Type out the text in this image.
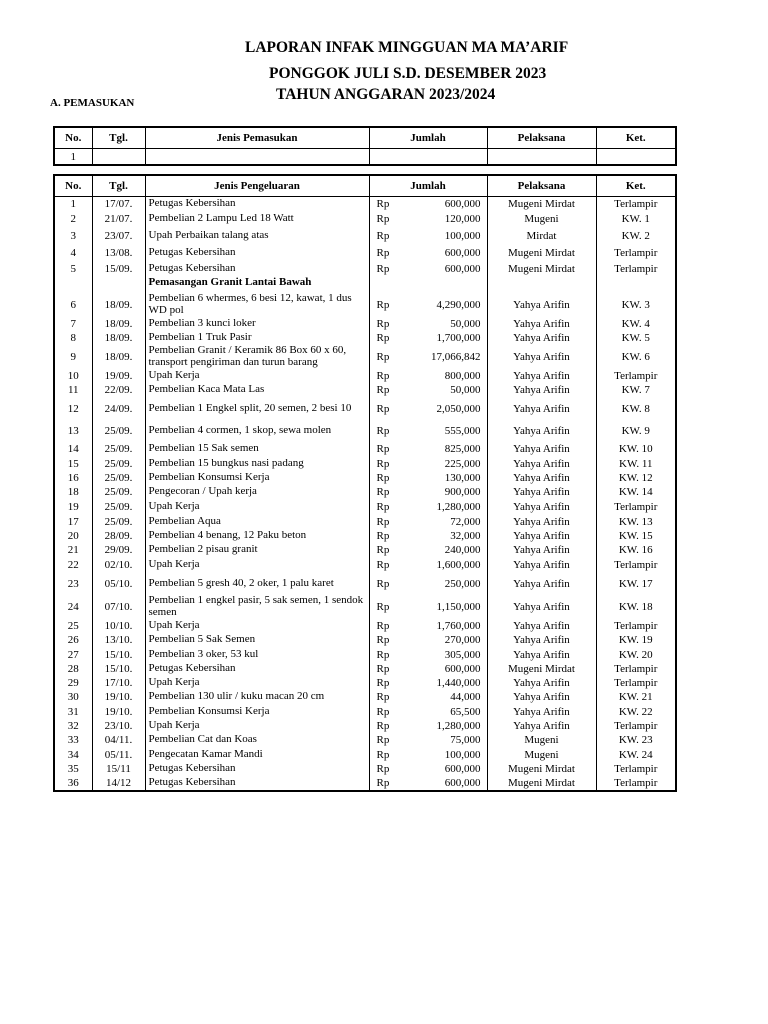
LAPORAN INFAK MINGGUAN MA MA’ARIF
PONGGOK JULI S.D. DESEMBER 2023
TAHUN ANGGARAN 2023/2024
A. PEMASUKAN
No.	Tgl.	Jenis Pemasukan	Jumlah	Pelaksana	Ket.
1					
No.	Tgl.	Jenis Pengeluaran	Jumlah	Pelaksana	Ket.
1	17/07.	Petugas Kebersihan	Rp 600,000	Mugeni Mirdat	Terlampir
2	21/07.	Pembelian 2 Lampu Led 18 Watt	Rp 120,000	Mugeni	KW. 1
3	23/07.	Upah Perbaikan talang atas	Rp 100,000	Mirdat	KW. 2
4	13/08.	Petugas Kebersihan	Rp 600,000	Mugeni Mirdat	Terlampir
5	15/09.	Petugas Kebersihan	Rp 600,000	Mugeni Mirdat	Terlampir
		Pemasangan Granit Lantai Bawah			
6	18/09.	Pembelian 6 whermes, 6 besi 12, kawat, 1 dus WD pol	Rp 4,290,000	Yahya Arifin	KW. 3
7	18/09.	Pembelian 3 kunci loker	Rp 50,000	Yahya Arifin	KW. 4
8	18/09.	Pembelian 1 Truk Pasir	Rp 1,700,000	Yahya Arifin	KW. 5
9	18/09.	Pembelian Granit / Keramik 86 Box 60 x 60, transport pengiriman dan turun barang	Rp 17,066,842	Yahya Arifin	KW. 6
10	19/09.	Upah Kerja	Rp 800,000	Yahya Arifin	Terlampir
11	22/09.	Pembelian Kaca Mata Las	Rp 50,000	Yahya Arifin	KW. 7
12	24/09.	Pembelian 1 Engkel split, 20 semen, 2 besi 10	Rp 2,050,000	Yahya Arifin	KW. 8
13	25/09.	Pembelian 4 cormen, 1 skop, sewa molen	Rp 555,000	Yahya Arifin	KW. 9
14	25/09.	Pembelian 15 Sak semen	Rp 825,000	Yahya Arifin	KW. 10
15	25/09.	Pembelian 15 bungkus nasi padang	Rp 225,000	Yahya Arifin	KW. 11
16	25/09.	Pembelian Konsumsi Kerja	Rp 130,000	Yahya Arifin	KW. 12
18	25/09.	Pengecoran / Upah kerja	Rp 900,000	Yahya Arifin	KW. 14
19	25/09.	Upah Kerja	Rp 1,280,000	Yahya Arifin	Terlampir
17	25/09.	Pembelian Aqua	Rp 72,000	Yahya Arifin	KW. 13
20	28/09.	Pembelian 4 benang, 12 Paku beton	Rp 32,000	Yahya Arifin	KW. 15
21	29/09.	Pembelian 2 pisau granit	Rp 240,000	Yahya Arifin	KW. 16
22	02/10.	Upah Kerja	Rp 1,600,000	Yahya Arifin	Terlampir
23	05/10.	Pembelian 5 gresh 40, 2 oker, 1 palu karet	Rp 250,000	Yahya Arifin	KW. 17
24	07/10.	Pembelian 1 engkel pasir, 5 sak semen, 1 sendok semen	Rp 1,150,000	Yahya Arifin	KW. 18
25	10/10.	Upah Kerja	Rp 1,760,000	Yahya Arifin	Terlampir
26	13/10.	Pembelian 5 Sak Semen	Rp 270,000	Yahya Arifin	KW. 19
27	15/10.	Pembelian 3 oker, 53 kul	Rp 305,000	Yahya Arifin	KW. 20
28	15/10.	Petugas Kebersihan	Rp 600,000	Mugeni Mirdat	Terlampir
29	17/10.	Upah Kerja	Rp 1,440,000	Yahya Arifin	Terlampir
30	19/10.	Pembelian 130 ulir / kuku macan 20 cm	Rp 44,000	Yahya Arifin	KW. 21
31	19/10.	Pembelian Konsumsi Kerja	Rp 65,500	Yahya Arifin	KW. 22
32	23/10.	Upah Kerja	Rp 1,280,000	Yahya Arifin	Terlampir
33	04/11.	Pembelian Cat dan Koas	Rp 75,000	Mugeni	KW. 23
34	05/11.	Pengecatan Kamar Mandi	Rp 100,000	Mugeni	KW. 24
35	15/11	Petugas Kebersihan	Rp 600,000	Mugeni Mirdat	Terlampir
36	14/12	Petugas Kebersihan	Rp 600,000	Mugeni Mirdat	Terlampir
